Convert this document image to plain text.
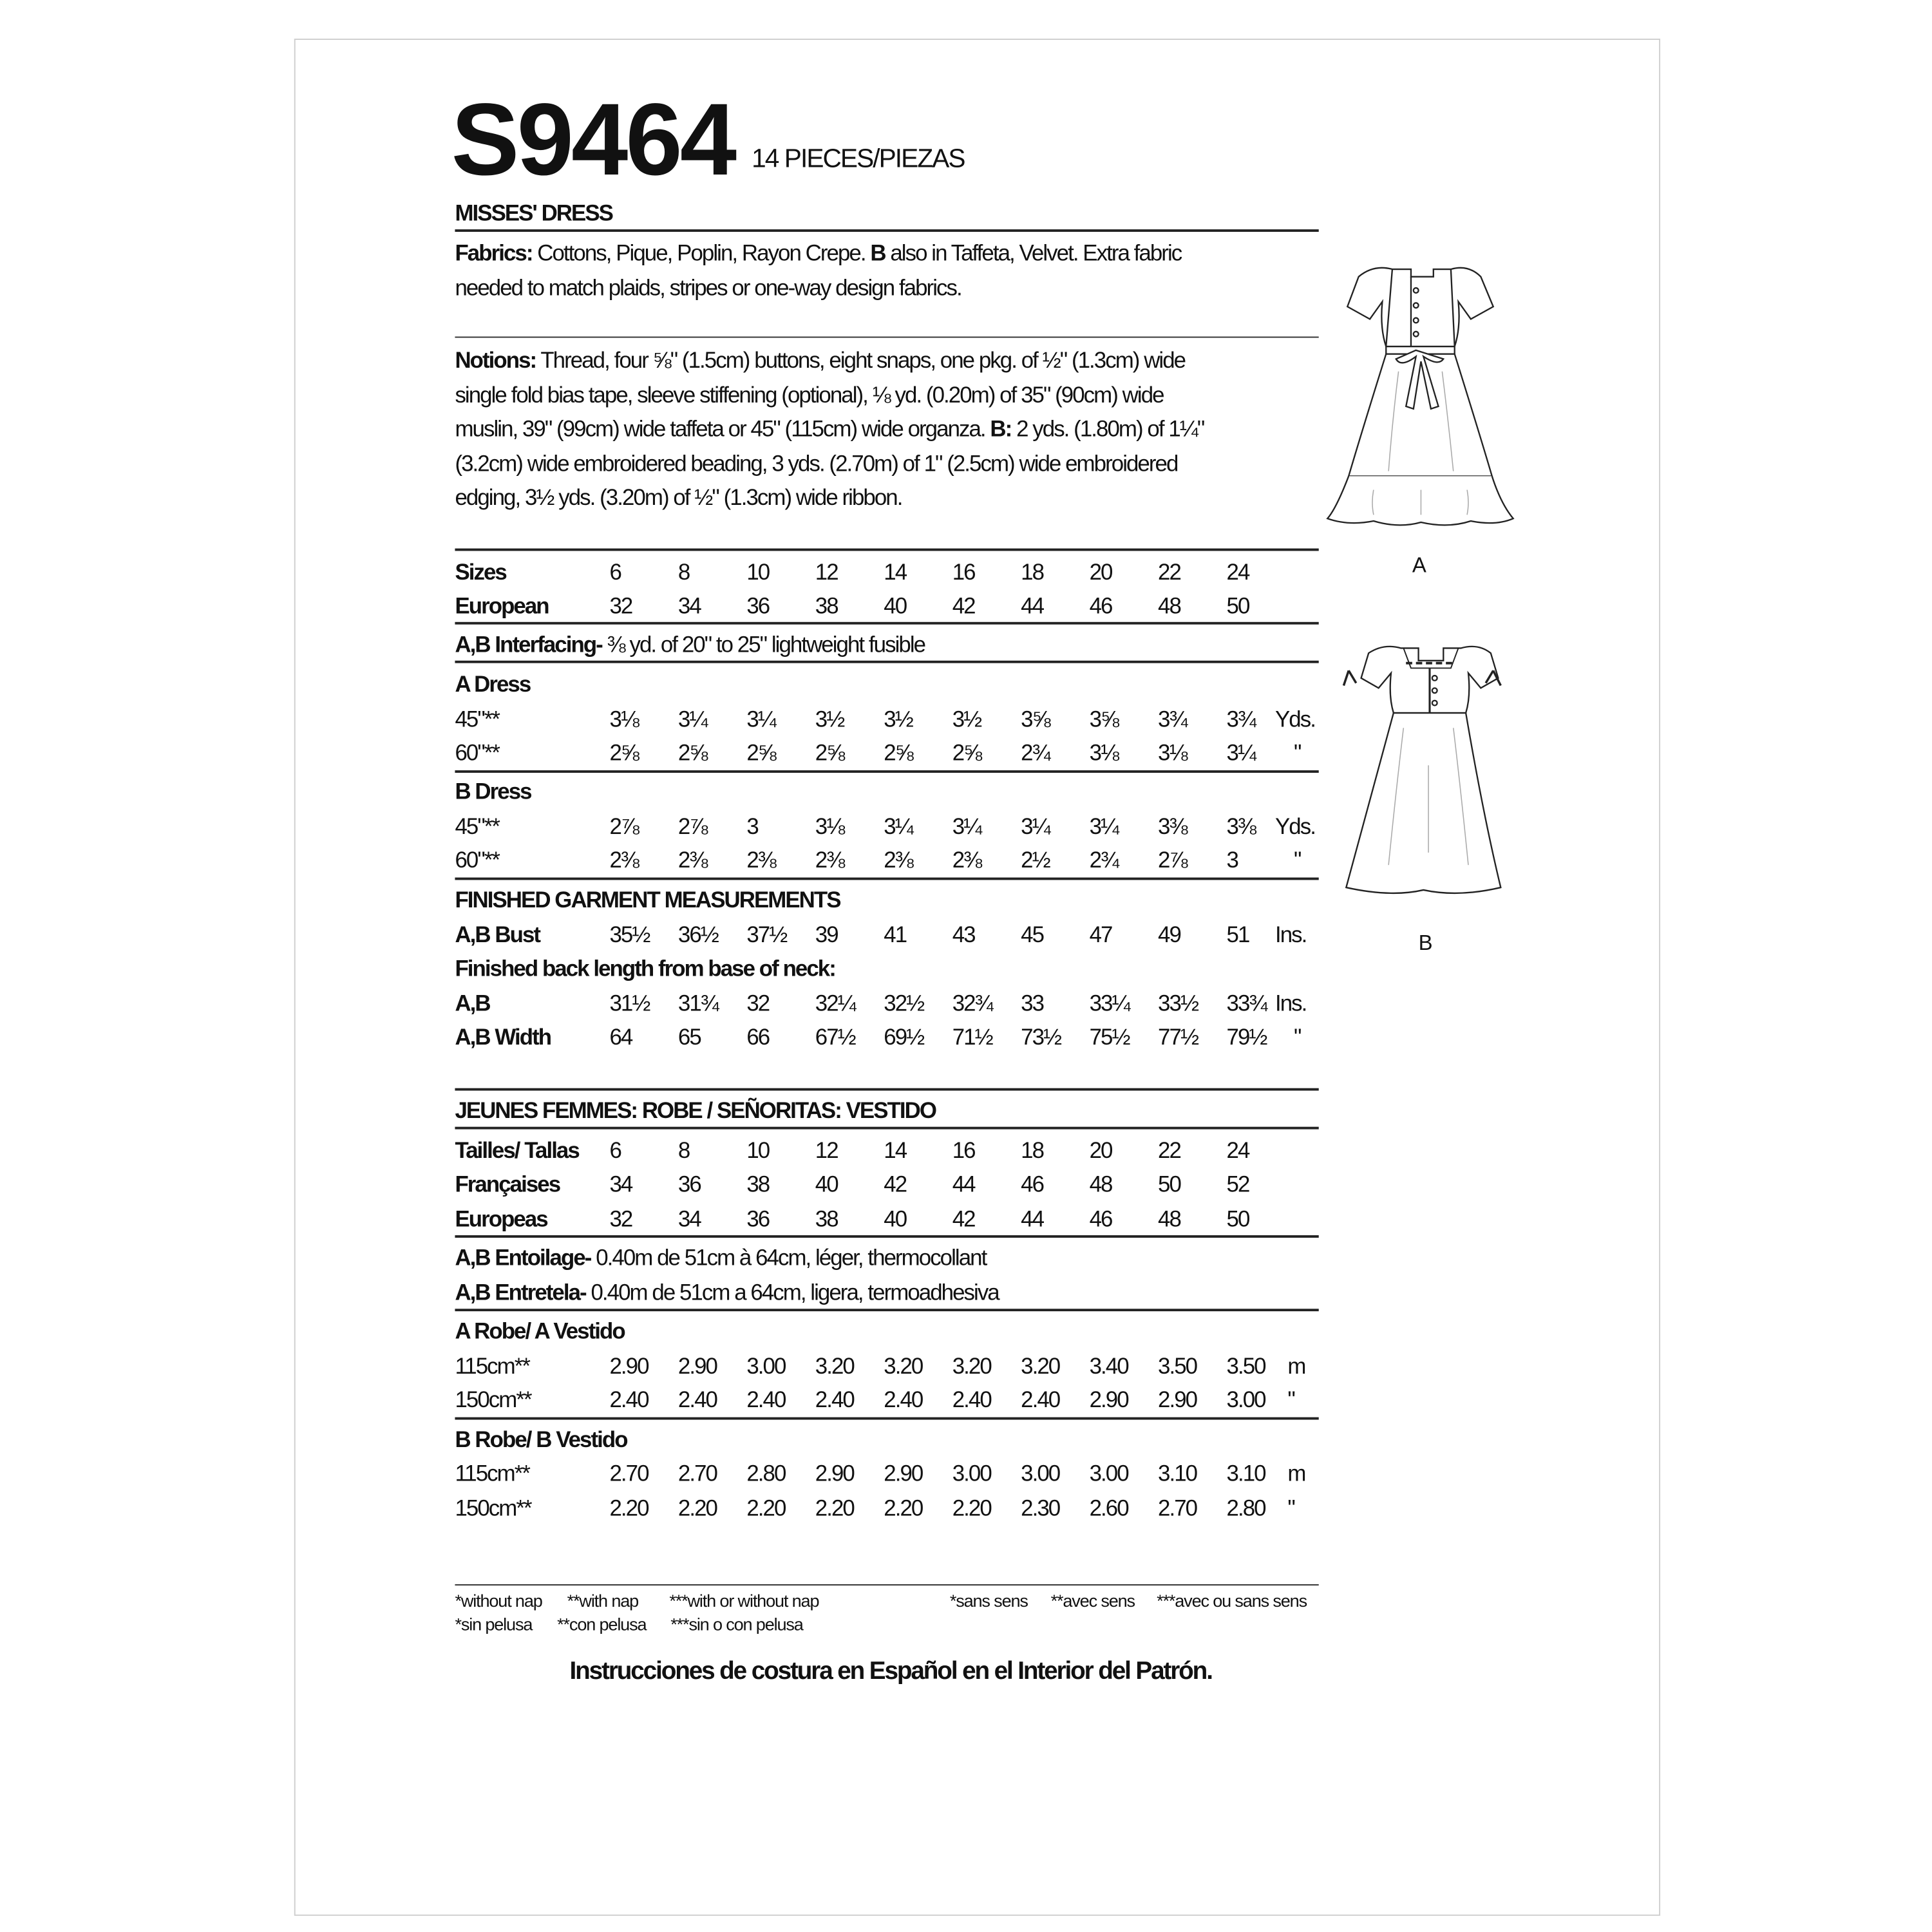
S9464 14 PIECES/PIEZAS
MISSES' DRESS
Fabrics: Cottons, Pique, Poplin, Rayon Crepe. B also in Taffeta, Velvet. Extra fabric
needed to match plaids, stripes or one-way design fabrics.
Notions: Thread, four ⅝" (1.5cm) buttons, eight snaps, one pkg. of ½" (1.3cm) wide
single fold bias tape, sleeve stiffening (optional), ⅛ yd. (0.20m) of 35" (90cm) wide
muslin, 39" (99cm) wide taffeta or 45" (115cm) wide organza. B: 2 yds. (1.80m) of 1¼"
(3.2cm) wide embroidered beading, 3 yds. (2.70m) of 1" (2.5cm) wide embroidered
edging, 3½ yds. (3.20m) of ½" (1.3cm) wide ribbon.
Sizes	6	8	10	12	14	16	18	20	22	24
European	32	34	36	38	40	42	44	46	48	50
A,B Interfacing- ⅜ yd. of 20" to 25" lightweight fusible
A Dress
45"**	3⅛	3¼	3¼	3½	3½	3½	3⅝	3⅝	3¾	3¾ Yds.
60"**	2⅝	2⅝	2⅝	2⅝	2⅝	2⅝	2¾	3⅛	3⅛	3¼	"
B Dress
45"**	2⅞	2⅞	3	3⅛	3¼	3¼	3¼	3¼	3⅜	3⅜ Yds.
60"**	2⅜	2⅜	2⅜	2⅜	2⅜	2⅜	2½	2¾	2⅞	3	"
FINISHED GARMENT MEASUREMENTS
A,B Bust	35½ 36½ 37½ 39	41	43	45	47	49	51 Ins.
Finished back length from base of neck:
A,B	31½ 31¾ 32	32¼ 32½ 32¾ 33	33¼ 33½ 33¾ Ins.
A,B Width	64	65	66	67½ 69½ 71½ 73½ 75½ 77½ 79½ "
JEUNES FEMMES: ROBE / SEÑORITAS: VESTIDO
Tailles/ Tallas	6	8	10	12	14	16	18	20	22	24
Françaises	34	36	38	40	42	44	46	48	50	52
Europeas	32	34	36	38	40	42	44	46	48	50
A,B Entoilage- 0.40m de 51cm à 64cm, léger, thermocollant
A,B Entretela- 0.40m de 51cm a 64cm, ligera, termoadhesiva
A Robe/ A Vestido
115cm**	2.90	2.90	3.00	3.20	3.20	3.20	3.20	3.40	3.50	3.50 m
150cm**	2.40	2.40	2.40	2.40	2.40	2.40	2.40	2.90	2.90	3.00 "
B Robe/ B Vestido
115cm**	2.70	2.70	2.80	2.90	2.90	3.00	3.00	3.00	3.10	3.10 m
150cm**	2.20	2.20	2.20	2.20	2.20	2.20	2.30	2.60	2.70	2.80 "
*without nap	**with nap	***with or without nap	*sans sens	**avec sens ***avec ou sans sens
*sin pelusa	**con pelusa	***sin o con pelusa
Instrucciones de costura en Español en el Interior del Patrón.
A
B
